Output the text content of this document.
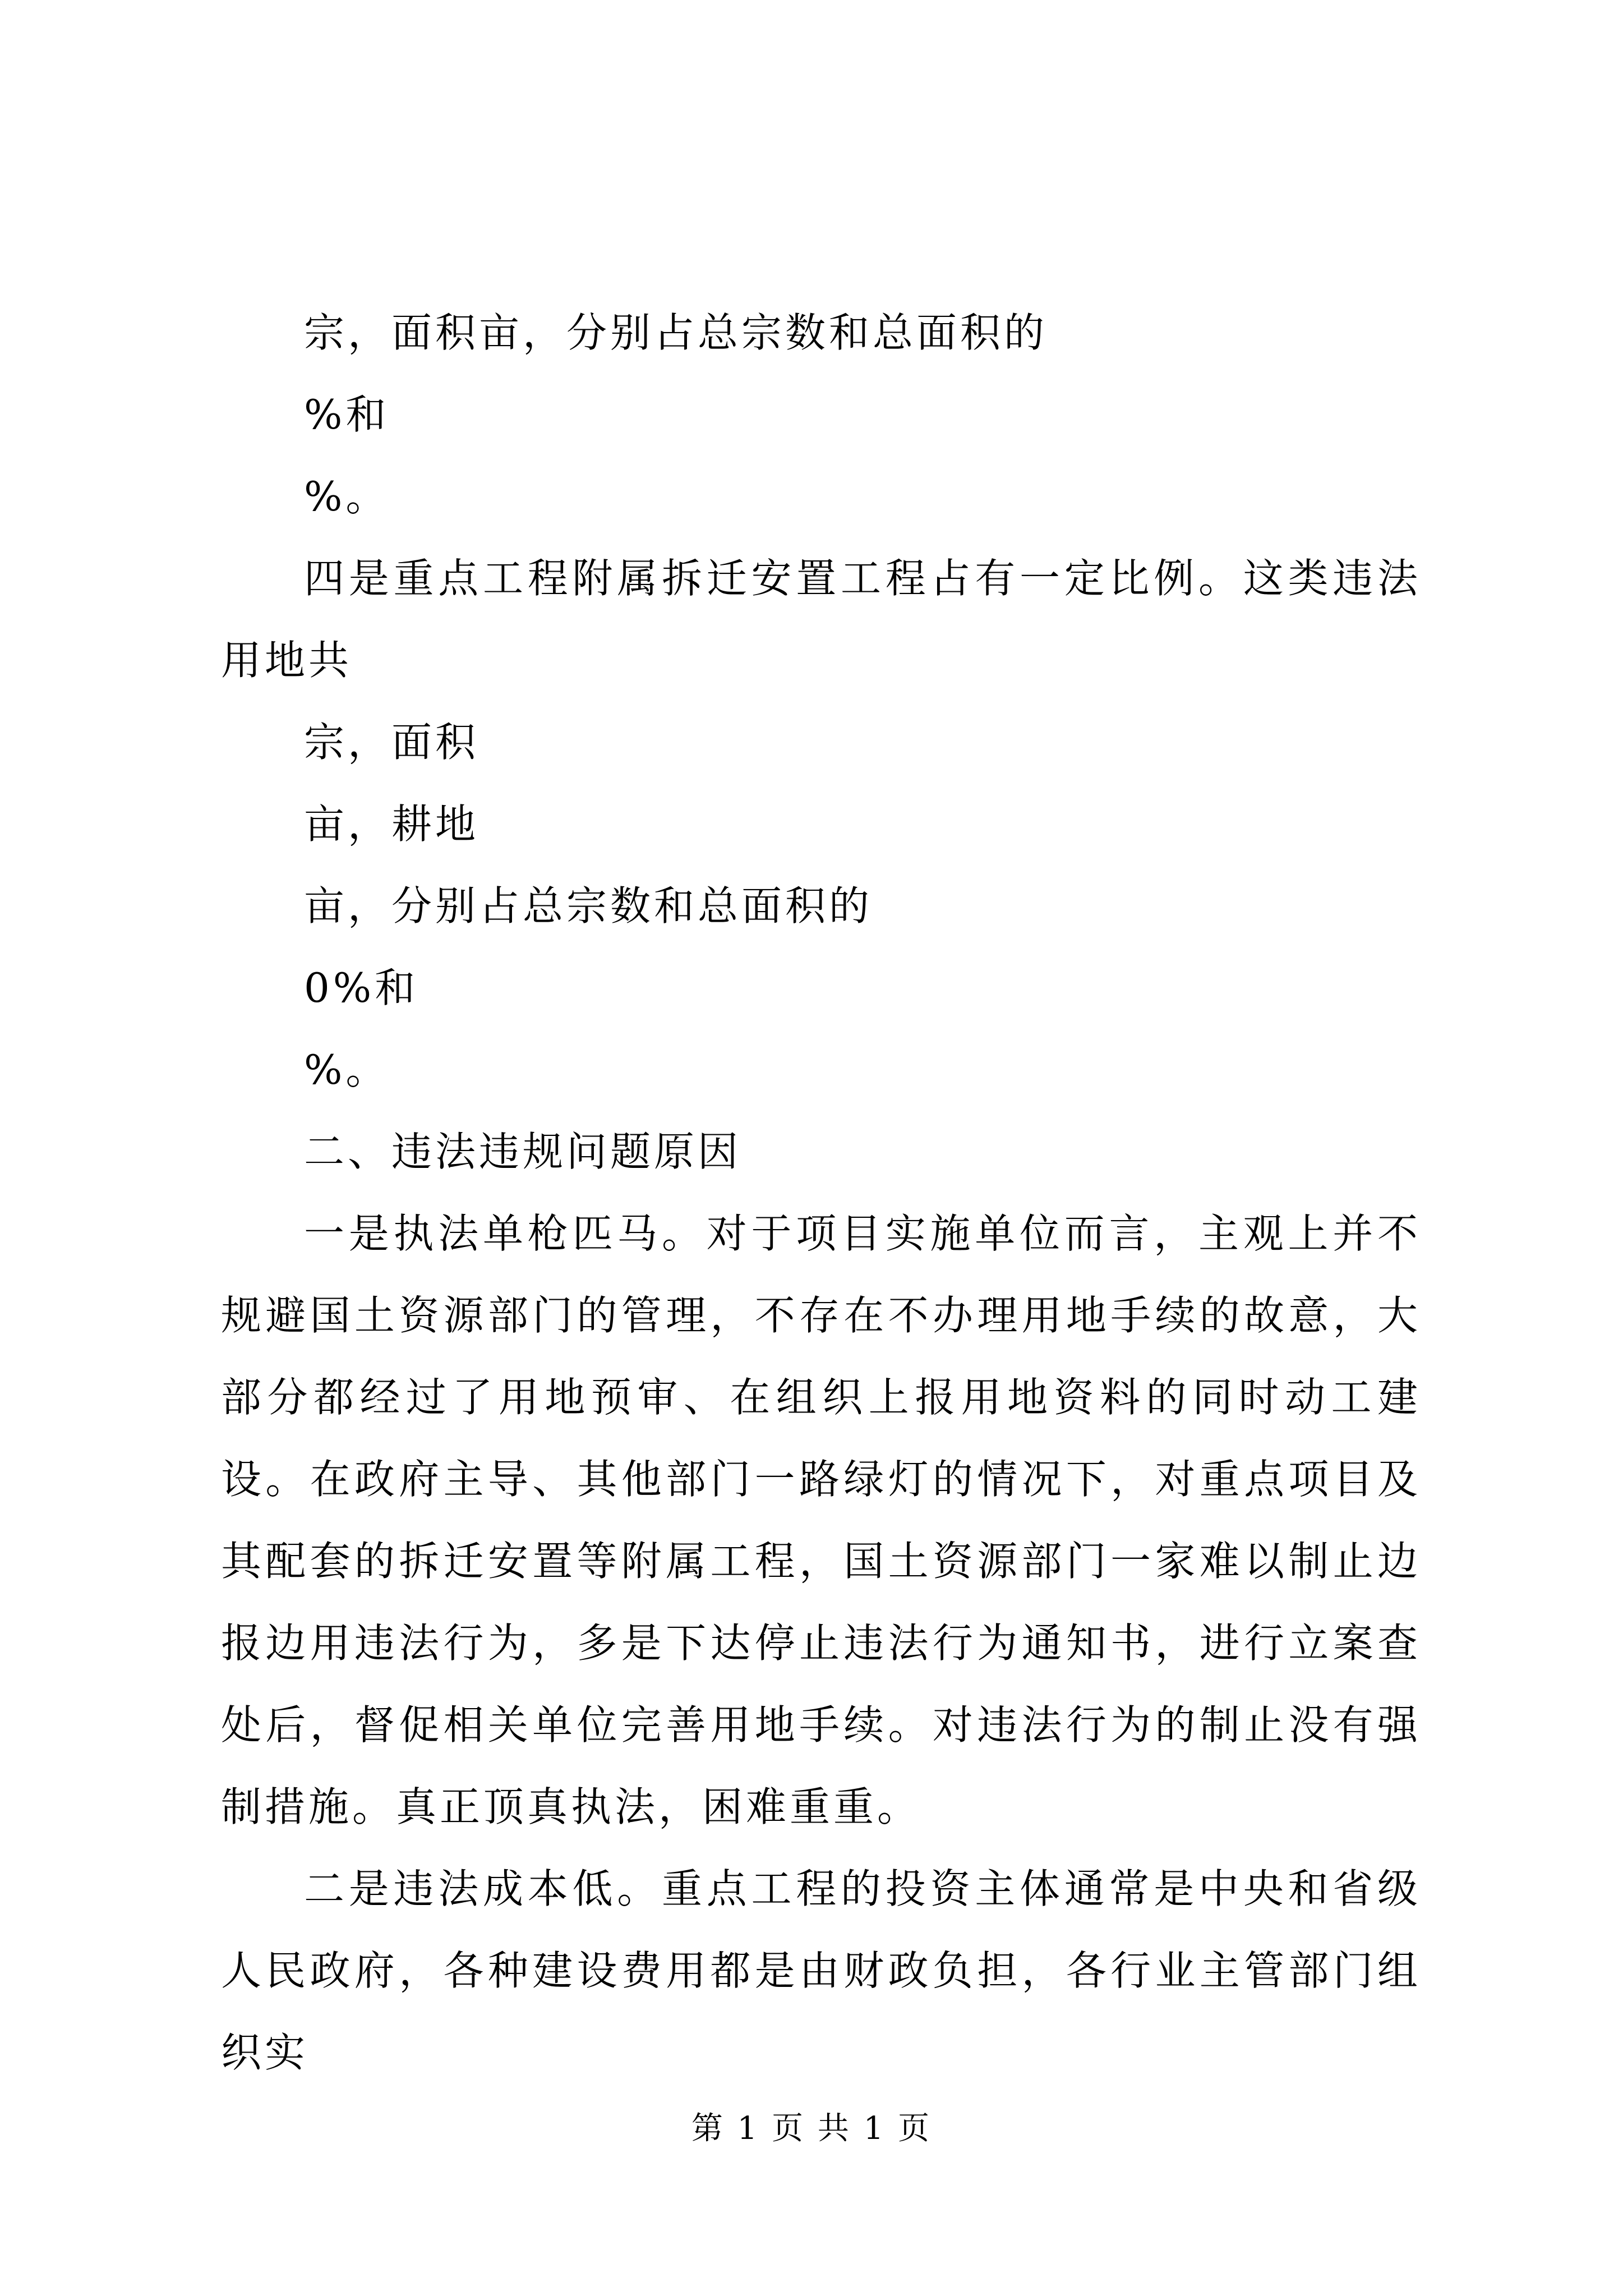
宗，面积亩，分别占总宗数和总面积的

%和

%。

四是重点工程附属拆迁安置工程占有一定比例。这类违法用地共

宗，面积

亩，耕地

亩，分别占总宗数和总面积的

0%和

%。

二、违法违规问题原因

一是执法单枪匹马。对于项目实施单位而言，主观上并不规避国土资源部门的管理，不存在不办理用地手续的故意，大部分都经过了用地预审、在组织上报用地资料的同时动工建设。在政府主导、其他部门一路绿灯的情况下，对重点项目及其配套的拆迁安置等附属工程，国土资源部门一家难以制止边报边用违法行为，多是下达停止违法行为通知书，进行立案查处后，督促相关单位完善用地手续。对违法行为的制止没有强制措施。真正顶真执法，困难重重。

二是违法成本低。重点工程的投资主体通常是中央和省级人民政府，各种建设费用都是由财政负担，各行业主管部门组织实

第 1 页 共 1 页
